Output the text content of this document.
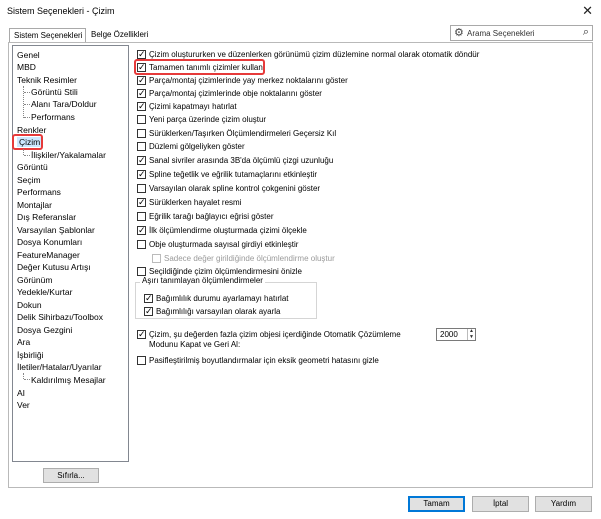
Sistem Seçenekleri - Çizim	✕
Sistem Seçenekleri	Belge Özellikleri	⚙ Arama Seçenekleri	⌕
Genel
MBD
Teknik Resimler
Görüntü Stili
Alanı Tara/Doldur
Performans
Renkler
Çizim
İlişkiler/Yakalamalar
Görüntü
Seçim
Performans
Montajlar
Dış Referanslar
Varsayılan Şablonlar
Dosya Konumları
FeatureManager
Değer Kutusu Artışı
Görünüm
Yedekle/Kurtar
Dokun
Delik Sihirbazı/Toolbox
Dosya Gezgini
Ara
İşbirliği
İletiler/Hatalar/Uyarılar
Kaldırılmış Mesajlar
AI
Ver
Sıfırla...
✓
Çizim oluştururken ve düzenlerken görünümü çizim düzlemine normal olarak otomatik döndür
✓
Tamamen tanımlı çizimler kullan
✓
Parça/montaj çizimlerinde yay merkez noktalarını göster
✓
Parça/montaj çizimlerinde obje noktalarını göster
✓
Çizimi kapatmayı hatırlat
Yeni parça üzerinde çizim oluştur
Sürüklerken/Taşırken Ölçümlendirmeleri Geçersiz Kıl
Düzlemi gölgeliyken göster
✓
Sanal sivriler arasında 3B'da ölçümlü çizgi uzunluğu
✓
Spline teğetlik ve eğrilik tutamaçlarını etkinleştir
Varsayılan olarak spline kontrol çokgenini göster
✓
Sürüklerken hayalet resmi
Eğrilik tarağı bağlayıcı eğrisi göster
✓
İlk ölçümlendirme oluşturmada çizimi ölçekle
Obje oluşturmada sayısal girdiyi etkinleştir
Sadece değer girildiğinde ölçümlendirme oluştur
Seçildiğinde çizim ölçümlendirmesini önizle
Aşırı tanımlayan ölçümlendirmeler
✓
Bağımlılık durumu ayarlamayı hatırlat
✓
Bağımlılığı varsayılan olarak ayarla
✓
Çizim, şu değerden fazla çizim objesi içerdiğinde Otomatik Çözümleme
Modunu Kapat ve Geri Al:
2000	▲
▼
Pasifleştirilmiş boyutlandırmalar için eksik geometri hatasını gizle
Tamam	İptal	Yardım
